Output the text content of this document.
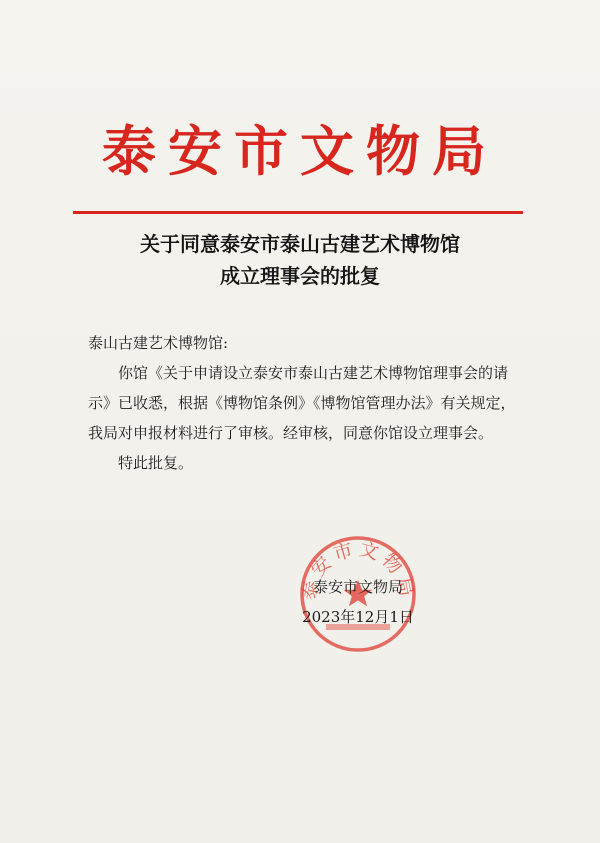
泰安市文物局
关于同意泰安市泰山古建艺术博物馆
成立理事会的批复
泰山古建艺术博物馆:
你馆《关于申请设立泰安市泰山古建艺术博物馆理事会的请示》已收悉，根据《博物馆条例》《博物馆管理办法》有关规定，我局对申报材料进行了审核。经审核，同意你馆设立理事会。
特此批复。
泰安市文物局
泰安市文物局
2023年12月1日
